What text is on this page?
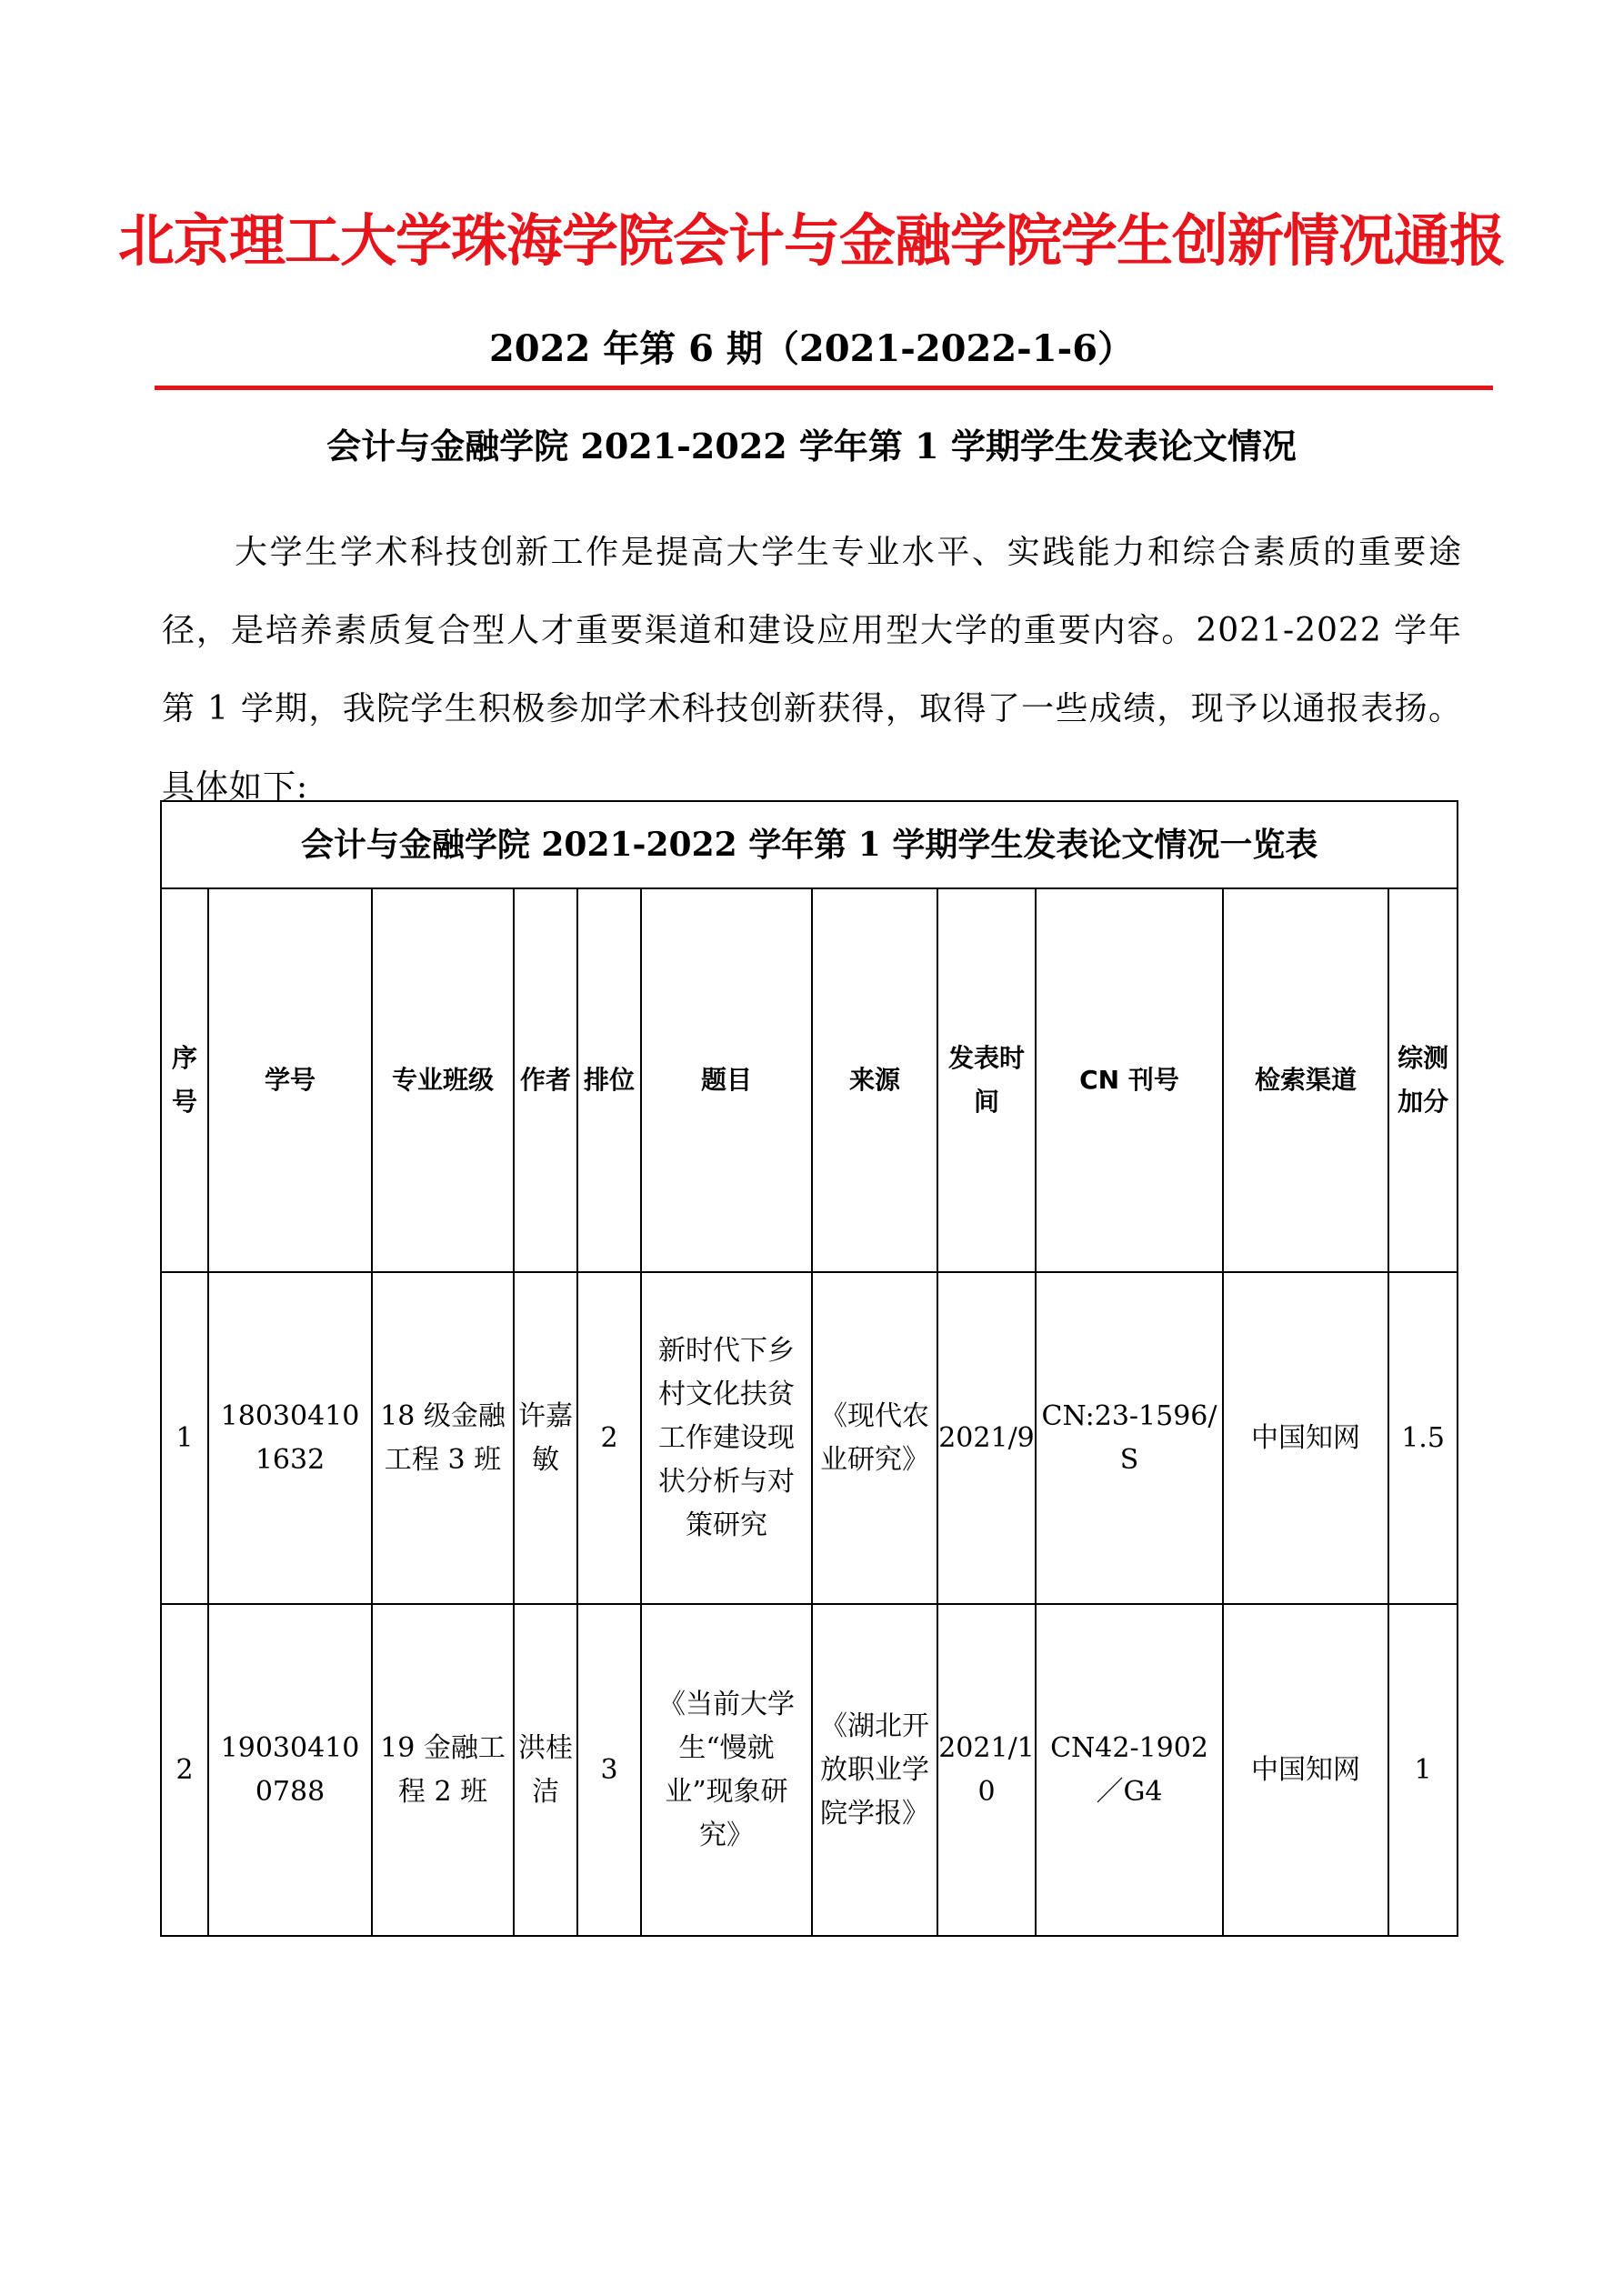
北京理工大学珠海学院会计与金融学院学生创新情况通报
2022 年第 6 期（2021-2022-1-6）
会计与金融学院 2021-2022 学年第 1 学期学生发表论文情况

大学生学术科技创新工作是提高大学生专业水平、实践能力和综合素质的重要途径，是培养素质复合型人才重要渠道和建设应用型大学的重要内容。2021-2022 学年第 1 学期，我院学生积极参加学术科技创新获得，取得了一些成绩，现予以通报表扬。具体如下:

会计与金融学院 2021-2022 学年第 1 学期学生发表论文情况一览表										
序号	学号	专业班级	作者	排位	题目	来源	发表时间	CN 刊号	检索渠道	综测加分
1	180304101632	18 级金融工程 3 班	许嘉敏	2	新时代下乡村文化扶贫工作建设现状分析与对策研究	《现代农业研究》	2021/9	CN:23-1596/S	中国知网	1.5
2	190304100788	19 金融工程 2 班	洪桂洁	3	《当前大学生“慢就业”现象研究》	《湖北开放职业学院学报》	2021/10	CN42-1902／G4	中国知网	1
